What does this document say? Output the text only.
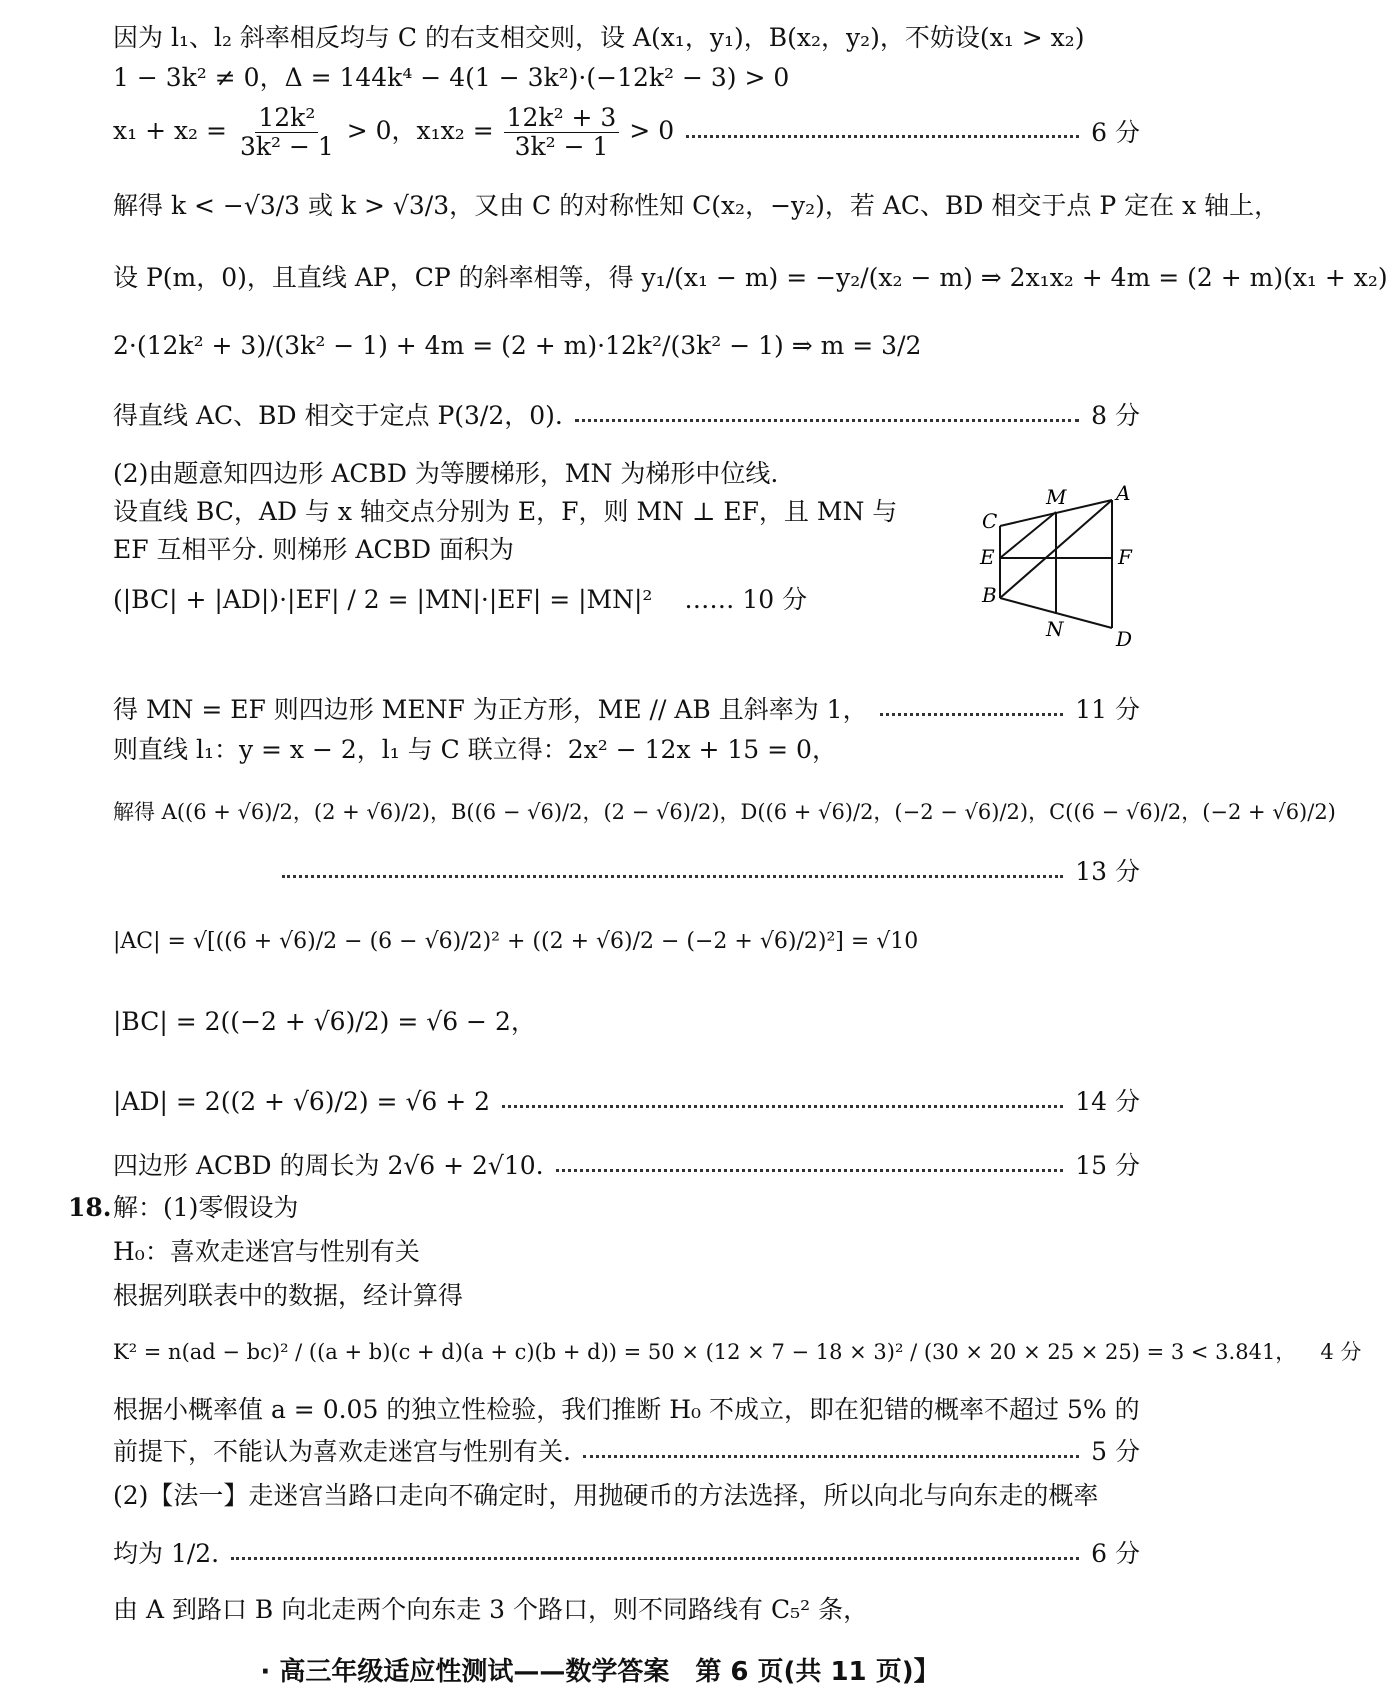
因为 l₁、l₂ 斜率相反均与 C 的右支相交则，设 A(x₁，y₁)，B(x₂，y₂)，不妨设(x₁ > x₂)
1 − 3k² ≠ 0，Δ = 144k⁴ − 4(1 − 3k²)·(−12k² − 3) > 0
$x_1 + x_2 = \frac{\text{12k²}}{\text{3k² − 1}} > 0$，$x_1x_2 = \frac{\text{12k² + 3}}{\text{3k² − 1}} > 0$	6 分
解得 k < −√3/3 或 k > √3/3，又由 C 的对称性知 C(x₂，−y₂)，若 AC、BD 相交于点 P 定在 x 轴上，
设 P(m，0)，且直线 AP，CP 的斜率相等，得 y₁/(x₁ − m) = −y₂/(x₂ − m) ⇒ 2x₁x₂ + 4m = (2 + m)(x₁ + x₂)
2·(12k² + 3)/(3k² − 1) + 4m = (2 + m)·12k²/(3k² − 1) ⇒ m = 3/2
得直线 AC、BD 相交于定点 P(3/2，0).	8 分
(2)由题意知四边形 ACBD 为等腰梯形，MN 为梯形中位线.
设直线 BC，AD 与 x 轴交点分别为 E，F，则 MN ⊥ EF，且 MN 与
EF 互相平分. 则梯形 ACBD 面积为
(|BC| + |AD|)·|EF| / 2 = |MN|·|EF| = |MN|² …… 10 分
A
M
C
E	F
B
N	D
得 MN = EF 则四边形 MENF 为正方形，ME // AB 且斜率为 1，	11 分
则直线 l₁：y = x − 2，l₁ 与 C 联立得：2x² − 12x + 15 = 0，
解得 A((6 + √6)/2，(2 + √6)/2)，B((6 − √6)/2，(2 − √6)/2)，D((6 + √6)/2，(−2 − √6)/2)，C((6 − √6)/2，(−2 + √6)/2)
13 分
|AC| = √[((6 + √6)/2 − (6 − √6)/2)² + ((2 + √6)/2 − (−2 + √6)/2)²] = √10
|BC| = 2((−2 + √6)/2) = √6 − 2，
|AD| = 2((2 + √6)/2) = √6 + 2	14 分
四边形 ACBD 的周长为 2√6 + 2√10.	15 分
18. 解：(1)零假设为
H₀：喜欢走迷宫与性别有关
根据列联表中的数据，经计算得
K² = n(ad − bc)² / ((a + b)(c + d)(a + c)(b + d)) = 50 × (12 × 7 − 18 × 3)² / (30 × 20 × 25 × 25) = 3 < 3.841， 4 分
根据小概率值 a = 0.05 的独立性检验，我们推断 H₀ 不成立，即在犯错的概率不超过 5% 的
前提下，不能认为喜欢走迷宫与性别有关.	5 分
(2)【法一】走迷宫当路口走向不确定时，用抛硬币的方法选择，所以向北与向东走的概率
均为 1/2.	6 分
由 A 到路口 B 向北走两个向东走 3 个路口，则不同路线有 C₅² 条，
· 高三年级适应性测试——数学答案　第 6 页(共 11 页)】
